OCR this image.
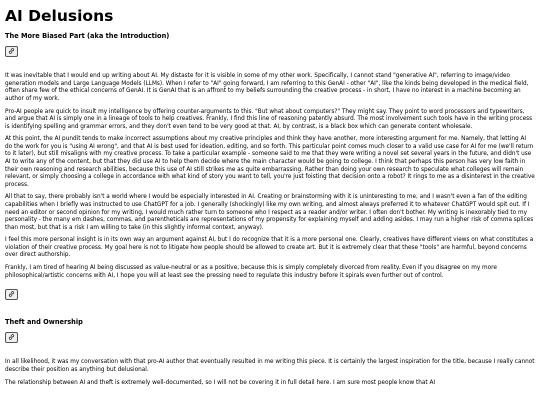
AI Delusions
The More Biased Part (aka the Introduction)

It was inevitable that I would end up writing about AI. My distaste for it is visible in some of my other work. Specifically, I cannot stand "generative AI", referring to image/video generation models and Large Language Models (LLMs). When I refer to "AI" going forward, I am referring to this GenAI - other "AI", like the kinds being developed in the medical field, often share few of the ethical concerns of GenAI. It is GenAI that is an affront to my beliefs surrounding the creative process - in short, I have no interest in a machine becoming an author of my work.

Pro-AI people are quick to insult my intelligence by offering counter-arguments to this. "But what about computers?" They might say. They point to word processors and typewriters, and argue that AI is simply one in a lineage of tools to help creatives. Frankly, I find this line of reasoning patently absurd. The most involvement such tools have in the writing process is identifying spelling and grammar errors, and they don't even tend to be very good at that. AI, by contrast, is a black box which can generate content wholesale.

At this point, the AI pundit tends to make incorrect assumptions about my creative principles and think they have another, more interesting argument for me. Namely, that letting AI do the work for you is "using AI wrong", and that AI is best used for ideation, editing, and so forth. This particular point comes much closer to a valid use case for AI for me (we'll return to it later), but still misaligns with my creative process. To take a particular example - someone said to me that they were writing a novel set several years in the future, and didn't use AI to write any of the content, but that they did use AI to help them decide where the main character would be going to college. I think that perhaps this person has very low faith in their own reasoning and research abilities, because this use of AI still strikes me as quite embarrassing. Rather than doing your own research to speculate what colleges will remain relevant, or simply choosing a college in accordance with what kind of story you want to tell, you're just foisting that decision onto a robot? It rings to me as a disinterest in the creative process.

All that to say, there probably isn't a world where I would be especially interested in AI. Creating or brainstorming with it is uninteresting to me, and I wasn't even a fan of the editing capabilities when I briefly was instructed to use ChatGPT for a job. I generally (shockingly) like my own writing, and almost always preferred it to whatever ChatGPT would spit out. If I need an editor or second opinion for my writing, I would much rather turn to someone who I respect as a reader and/or writer. I often don't bother. My writing is inexorably tied to my personality - the many em dashes, commas, and parentheticals are representations of my propensity for explaining myself and adding asides. I may run a higher risk of comma splices than most, but that is a risk I am willing to take (in this slightly informal context, anyway).

I feel this more personal insight is in its own way an argument against AI, but I do recognize that it is a more personal one. Clearly, creatives have different views on what constitutes a violation of their creative process. My goal here is not to litigate how people should be allowed to create art. But it is extremely clear that these "tools" are harmful, beyond concerns over direct authorship.

Frankly, I am tired of hearing AI being discussed as value-neutral or as a positive, because this is simply completely divorced from reality. Even if you disagree on my more philosophical/artistic concerns with AI, I hope you will at least see the pressing need to regulate this industry before it spirals even further out of control.

Theft and Ownership

In all likelihood, it was my conversation with that pro-AI author that eventually resulted in me writing this piece. It is certainly the largest inspiration for the title, because I really cannot describe their position as anything but delusional.

The relationship between AI and theft is extremely well-documented, so I will not be covering it in full detail here. I am sure most people know that AI
